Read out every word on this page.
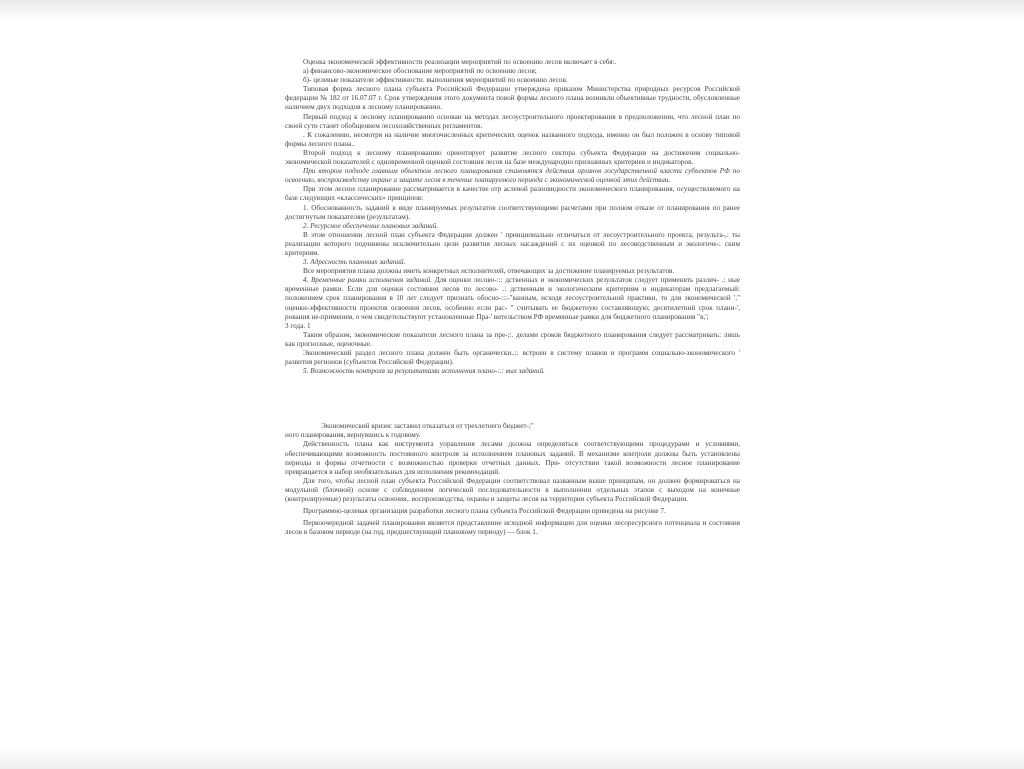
Оценка экономической эффективности реализации мероприятий по освоению лесов включает в себя:.

а) финансово-экономическое обоснование мероприятий по освоению лесов;

б)- целевые показатели эффективности. выполнения мероприятий по освоению лесов.

Типовая форма лесного плана субъекта Российской Федерации утверждена приказом Министерства природных ресурсов Российской федерации № 182 от 16.07.07 г. Срок утверждения этого документа повой формы лесного плана возникли объективные трудности, обусловленные наличием двух подходов к лесному планированию.

Первый подход к лесному планированию основан на методах лесоустроительного проектирования в предположении, что лесной план по своей сути станет обобщением лесохозяйственных регламентов.

. К сожалению, несмотря на наличие многочисленных критических оценок названного подхода, именно он был положен в основу типовой формы лесного плана..

Второй подход к лесному планированию ориентирует развитие лесного сектора субъекта Федерации на достижения социально-экономической показателей с одновременной оценкой состояния лесов на базе международно признанных критериев и индикаторов.

При втором подходе главным объектом лесного планирования становятся действия органов государственной власти субъектов РФ по освоению, воспроизводству охране и защите лесов в течение планируемого периода с экономической оценкой этих действии.

При этом лесное планирование рассматривается в качестве отр аслевой разновидности экономического планирования, осуществляемого на базе следующих «классических» принципов:

1. Обоснованность заданий в виде планируемых результатов соответствующими расчетами при полном отказе от планирования по ранее достигнутым показателям (результатам).

2. Ресурсное обеспечение плановых заданий.

В этом отношении лесной план субъекта Федерации должен ' принципиально отличаться от лесоустроительного проекта, результа-,: ты реализации которого подчинены исключительно цели развития лесных насаждений с их оценкой по лесоводственным и экологиче-: ским критериям.

3. Адресность плановых заданий.

Все мероприятия плана должны иметь конкретных исполнителей, отвечающих за достижение планируемых результатов.

4. Временные рамки исполнения заданий. Для оценки лесово-::: дственных и экономических результатов следует применять различ- .: ные временные рамки. Если для оценки состояния лесов по лесово- .: дственным и экологическим критериям и индикаторам предлагаемый: положением срок планирования в 10 лет следует признать обосно-:::-"ванным, исходя лесоустроительной практики, то для экономической '," оценки-эффективности проектов освоения лесов, особенно если рас- " считывать ее бюджетную составляющую; десятилетний срок плани-', рования не-применим, о чем свидетельствуют установленные Пра-' вительством РФ временные рамки для бюджетного планирования "в,';

3 года. 1

Таким образом, экономические показатели лесного плана за пре-;:. делами сроков бюджетного планирования следует рассматривать: лишь как прогнозные, оценочные.

Экономический раздел лесного плана должен быть органически..;: встроен в систему планов и программ социально-экономического ' развития регионов (субъектов Российской Федерации).

5. Возможность контроля за результатами исполнения плано-:.: вых заданий.

Экономический кризис заставил отказаться от трехлетнего бюджет-;"

ного планирования, вернувшись к годовому.

Действенность плана как инструмента управления лесами должна определяться соответствующими процедурами и условиями, обеспечивающими возможность постоянного контроля за исполнением плановых заданий. В механизме контроля должны быть установлены периоды и формы отчетности с возможностью проверки отчетных данных. При- отсутствии такой возможности лесное планирование превращается в набор необязательных для исполнения рекомендаций.

Для того, чтобы лесной план субъекта Российской Федерации соответствовал названным выше принципам, он должен формироваться на модульной (блочной) основе с соблюдением логической последовательности в выполнении отдельных этапов с выходом на конечные (контролируемые) результаты освоения,. воспроизводства, охраны и защиты лесов на территории субъекта Российской Федерации.

Программно-целевая организация разработки лесного плана субъекта Российской Федерации приведена на рисунке 7.

Первоочередной задачей планирования является представление исходной информации для оценки лесоресурсного потенциала и состояния лесов в базовом периоде (на год, предшествующий плановому периоду) — блок 1.
